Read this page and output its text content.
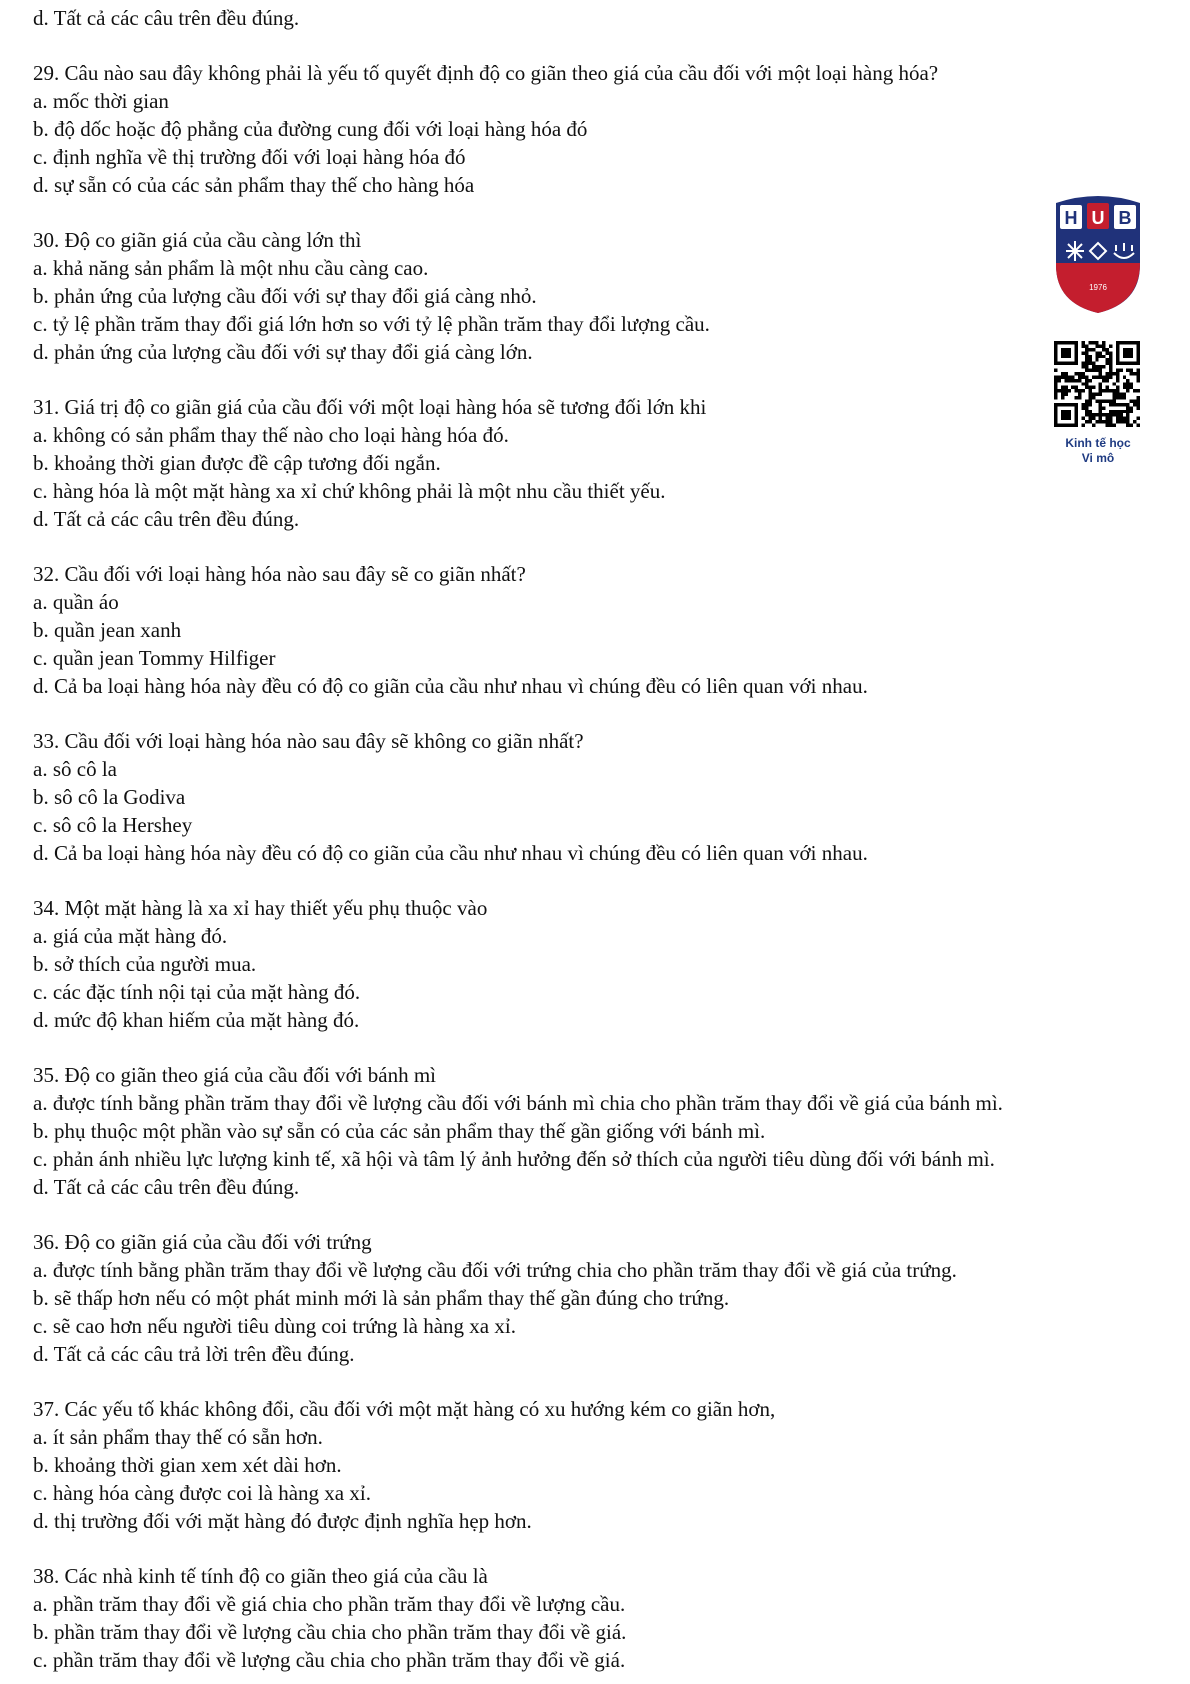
d. Tất cả các câu trên đều đúng.
29. Câu nào sau đây không phải là yếu tố quyết định độ co giãn theo giá của cầu đối với một loại hàng hóa?
a. mốc thời gian
b. độ dốc hoặc độ phẳng của đường cung đối với loại hàng hóa đó
c. định nghĩa về thị trường đối với loại hàng hóa đó
d. sự sẵn có của các sản phẩm thay thế cho hàng hóa
30. Độ co giãn giá của cầu càng lớn thì
a. khả năng sản phẩm là một nhu cầu càng cao.
b. phản ứng của lượng cầu đối với sự thay đổi giá càng nhỏ.
c. tỷ lệ phần trăm thay đổi giá lớn hơn so với tỷ lệ phần trăm thay đổi lượng cầu.
d. phản ứng của lượng cầu đối với sự thay đổi giá càng lớn.
31. Giá trị độ co giãn giá của cầu đối với một loại hàng hóa sẽ tương đối lớn khi
a. không có sản phẩm thay thế nào cho loại hàng hóa đó.
b. khoảng thời gian được đề cập tương đối ngắn.
c. hàng hóa là một mặt hàng xa xỉ chứ không phải là một nhu cầu thiết yếu.
d. Tất cả các câu trên đều đúng.
32. Cầu đối với loại hàng hóa nào sau đây sẽ co giãn nhất?
a. quần áo
b. quần jean xanh
c. quần jean Tommy Hilfiger
d. Cả ba loại hàng hóa này đều có độ co giãn của cầu như nhau vì chúng đều có liên quan với nhau.
33. Cầu đối với loại hàng hóa nào sau đây sẽ không co giãn nhất?
a. sô cô la
b. sô cô la Godiva
c. sô cô la Hershey
d. Cả ba loại hàng hóa này đều có độ co giãn của cầu như nhau vì chúng đều có liên quan với nhau.
34. Một mặt hàng là xa xỉ hay thiết yếu phụ thuộc vào
a. giá của mặt hàng đó.
b. sở thích của người mua.
c. các đặc tính nội tại của mặt hàng đó.
d. mức độ khan hiếm của mặt hàng đó.
35. Độ co giãn theo giá của cầu đối với bánh mì
a. được tính bằng phần trăm thay đổi về lượng cầu đối với bánh mì chia cho phần trăm thay đổi về giá của bánh mì.
b. phụ thuộc một phần vào sự sẵn có của các sản phẩm thay thế gần giống với bánh mì.
c. phản ánh nhiều lực lượng kinh tế, xã hội và tâm lý ảnh hưởng đến sở thích của người tiêu dùng đối với bánh mì.
d. Tất cả các câu trên đều đúng.
36. Độ co giãn giá của cầu đối với trứng
a. được tính bằng phần trăm thay đổi về lượng cầu đối với trứng chia cho phần trăm thay đổi về giá của trứng.
b. sẽ thấp hơn nếu có một phát minh mới là sản phẩm thay thế gần đúng cho trứng.
c. sẽ cao hơn nếu người tiêu dùng coi trứng là hàng xa xỉ.
d. Tất cả các câu trả lời trên đều đúng.
37. Các yếu tố khác không đổi, cầu đối với một mặt hàng có xu hướng kém co giãn hơn,
a. ít sản phẩm thay thế có sẵn hơn.
b. khoảng thời gian xem xét dài hơn.
c. hàng hóa càng được coi là hàng xa xỉ.
d. thị trường đối với mặt hàng đó được định nghĩa hẹp hơn.
38. Các nhà kinh tế tính độ co giãn theo giá của cầu là
a. phần trăm thay đổi về giá chia cho phần trăm thay đổi về lượng cầu.
b. phần trăm thay đổi về lượng cầu chia cho phần trăm thay đổi về giá.
c. phần trăm thay đổi về lượng cầu chia cho phần trăm thay đổi về giá.
H U B
1976
Kinh tế học
Vi mô
